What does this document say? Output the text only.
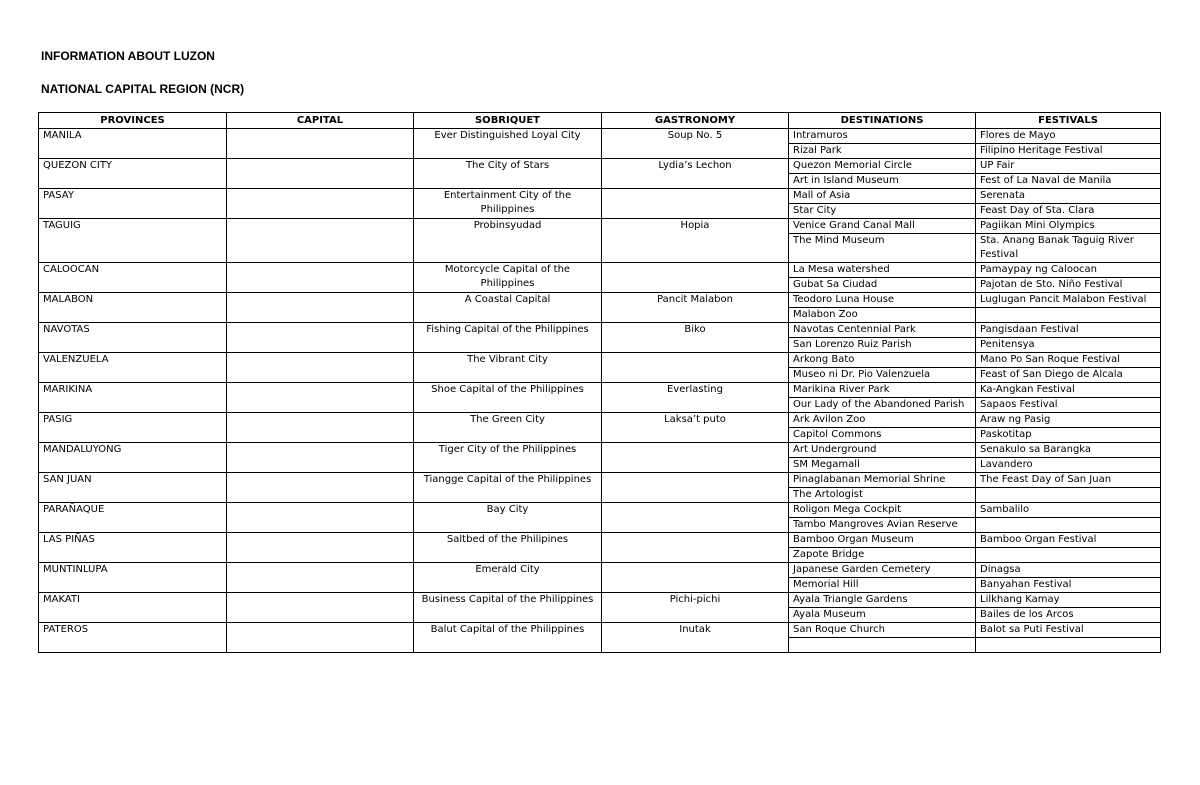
INFORMATION ABOUT LUZON

NATIONAL CAPITAL REGION (NCR)

PROVINCES	CAPITAL	SOBRIQUET	GASTRONOMY	DESTINATIONS	FESTIVALS
MANILA		Ever Distinguished Loyal City	Soup No. 5	Intramuros	Flores de Mayo
				Rizal Park	Filipino Heritage Festival
QUEZON CITY		The City of Stars	Lydia’s Lechon	Quezon Memorial Circle	UP Fair
				Art in Island Museum	Fest of La Naval de Manila
PASAY		Entertainment City of the Philippines		Mall of Asia	Serenata
				Star City	Feast Day of Sta. Clara
TAGUIG		Probinsyudad	Hopia	Venice Grand Canal Mall	Pagiikan Mini Olympics
				The Mind Museum	Sta. Anang Banak Taguig River Festival
CALOOCAN		Motorcycle Capital of the Philippines		La Mesa watershed	Pamaypay ng Caloocan
				Gubat Sa Ciudad	Pajotan de Sto. Niño Festival
MALABON		A Coastal Capital	Pancit Malabon	Teodoro Luna House	Luglugan Pancit Malabon Festival
				Malabon Zoo	
NAVOTAS		Fishing Capital of the Philippines	Biko	Navotas Centennial Park	Pangisdaan Festival
				San Lorenzo Ruiz Parish	Penitensya
VALENZUELA		The Vibrant City		Arkong Bato	Mano Po San Roque Festival
				Museo ni Dr. Pio Valenzuela	Feast of San Diego de Alcala
MARIKINA		Shoe Capital of the Philippines	Everlasting	Marikina River Park	Ka-Angkan Festival
				Our Lady of the Abandoned Parish	Sapaos Festival
PASIG		The Green City	Laksa’t puto	Ark Avilon Zoo	Araw ng Pasig
				Capitol Commons	Paskotitap
MANDALUYONG		Tiger City of the Philippines		Art Underground	Senakulo sa Barangka
				SM Megamall	Lavandero
SAN JUAN		Tiangge Capital of the Philippines		Pinaglabanan Memorial Shrine	The Feast Day of San Juan
				The Artologist	
PARAÑAQUE		Bay City		Roligon Mega Cockpit	Sambalilo
				Tambo Mangroves Avian Reserve	
LAS PIÑAS		Saltbed of the Philipines		Bamboo Organ Museum	Bamboo Organ Festival
				Zapote Bridge	
MUNTINLUPA		Emerald City		Japanese Garden Cemetery	Dinagsa
				Memorial Hill	Banyahan Festival
MAKATI		Business Capital of the Philippines	Pichi-pichi	Ayala Triangle Gardens	Lilkhang Kamay
				Ayala Museum	Bailes de los Arcos
PATEROS		Balut Capital of the Philippines	Inutak	San Roque Church	Balot sa Puti Festival
